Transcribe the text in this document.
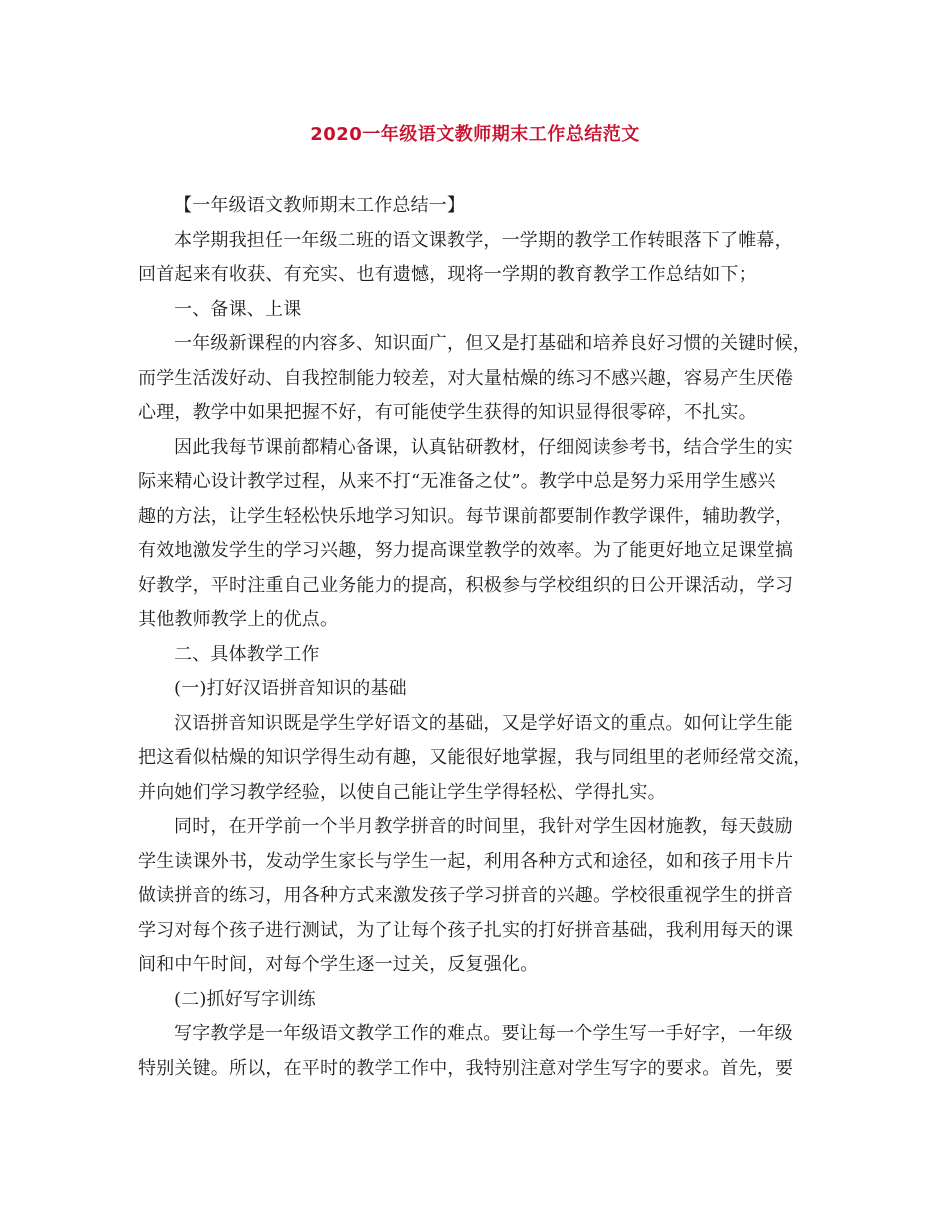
2020一年级语文教师期末工作总结范文
【一年级语文教师期末工作总结一】
本学期我担任一年级二班的语文课教学，一学期的教学工作转眼落下了帷幕，
回首起来有收获、有充实、也有遗憾，现将一学期的教育教学工作总结如下；
一、备课、上课
一年级新课程的内容多、知识面广，但又是打基础和培养良好习惯的关键时候，
而学生活泼好动、自我控制能力较差，对大量枯燥的练习不感兴趣，容易产生厌倦
心理，教学中如果把握不好，有可能使学生获得的知识显得很零碎，不扎实。
因此我每节课前都精心备课，认真钻研教材，仔细阅读参考书，结合学生的实
际来精心设计教学过程，从来不打“无准备之仗”。教学中总是努力采用学生感兴
趣的方法，让学生轻松快乐地学习知识。每节课前都要制作教学课件，辅助教学，
有效地激发学生的学习兴趣，努力提高课堂教学的效率。为了能更好地立足课堂搞
好教学，平时注重自己业务能力的提高，积极参与学校组织的日公开课活动，学习
其他教师教学上的优点。
二、具体教学工作
(一)打好汉语拼音知识的基础
汉语拼音知识既是学生学好语文的基础，又是学好语文的重点。如何让学生能
把这看似枯燥的知识学得生动有趣，又能很好地掌握，我与同组里的老师经常交流，
并向她们学习教学经验，以使自己能让学生学得轻松、学得扎实。
同时，在开学前一个半月教学拼音的时间里，我针对学生因材施教，每天鼓励
学生读课外书，发动学生家长与学生一起，利用各种方式和途径，如和孩子用卡片
做读拼音的练习，用各种方式来激发孩子学习拼音的兴趣。学校很重视学生的拼音
学习对每个孩子进行测试，为了让每个孩子扎实的打好拼音基础，我利用每天的课
间和中午时间，对每个学生逐一过关，反复强化。
(二)抓好写字训练
写字教学是一年级语文教学工作的难点。要让每一个学生写一手好字，一年级
特别关键。所以，在平时的教学工作中，我特别注意对学生写字的要求。首先，要
